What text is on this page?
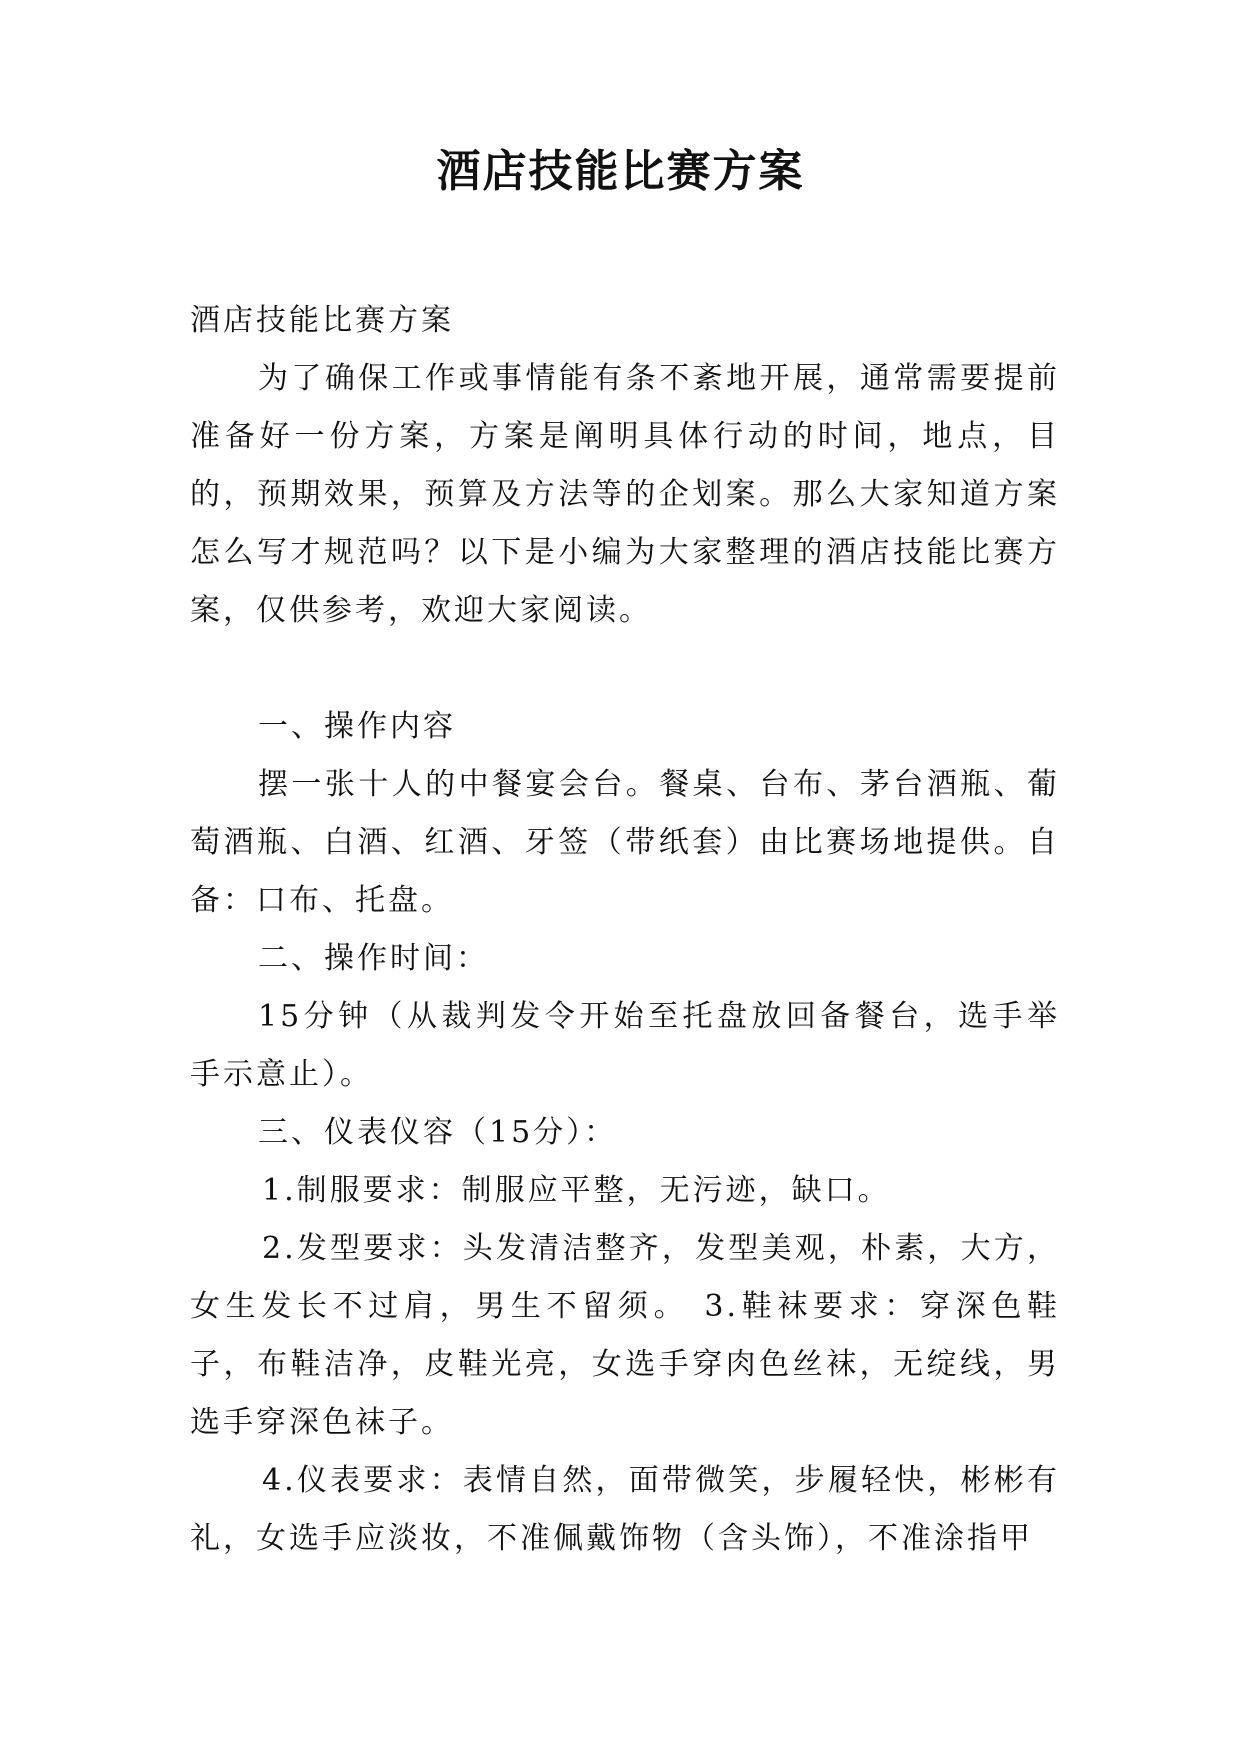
酒店技能比赛方案

酒店技能比赛方案

为了确保工作或事情能有条不紊地开展，通常需要提前准备好一份方案，方案是阐明具体行动的时间，地点，目的，预期效果，预算及方法等的企划案。那么大家知道方案怎么写才规范吗？以下是小编为大家整理的酒店技能比赛方案，仅供参考，欢迎大家阅读。

一、操作内容

摆一张十人的中餐宴会台。餐桌、台布、茅台酒瓶、葡萄酒瓶、白酒、红酒、牙签（带纸套）由比赛场地提供。自备：口布、托盘。

二、操作时间：

15分钟（从裁判发令开始至托盘放回备餐台，选手举手示意止）。

三、仪表仪容（15分）：

1.制服要求：制服应平整，无污迹，缺口。

2.发型要求：头发清洁整齐，发型美观，朴素，大方，女生发长不过肩，男生不留须。 3.鞋袜要求：穿深色鞋子，布鞋洁净，皮鞋光亮，女选手穿肉色丝袜，无绽线，男选手穿深色袜子。

4.仪表要求：表情自然，面带微笑，步履轻快，彬彬有礼，女选手应淡妆，不准佩戴饰物（含头饰），不准涂指甲
